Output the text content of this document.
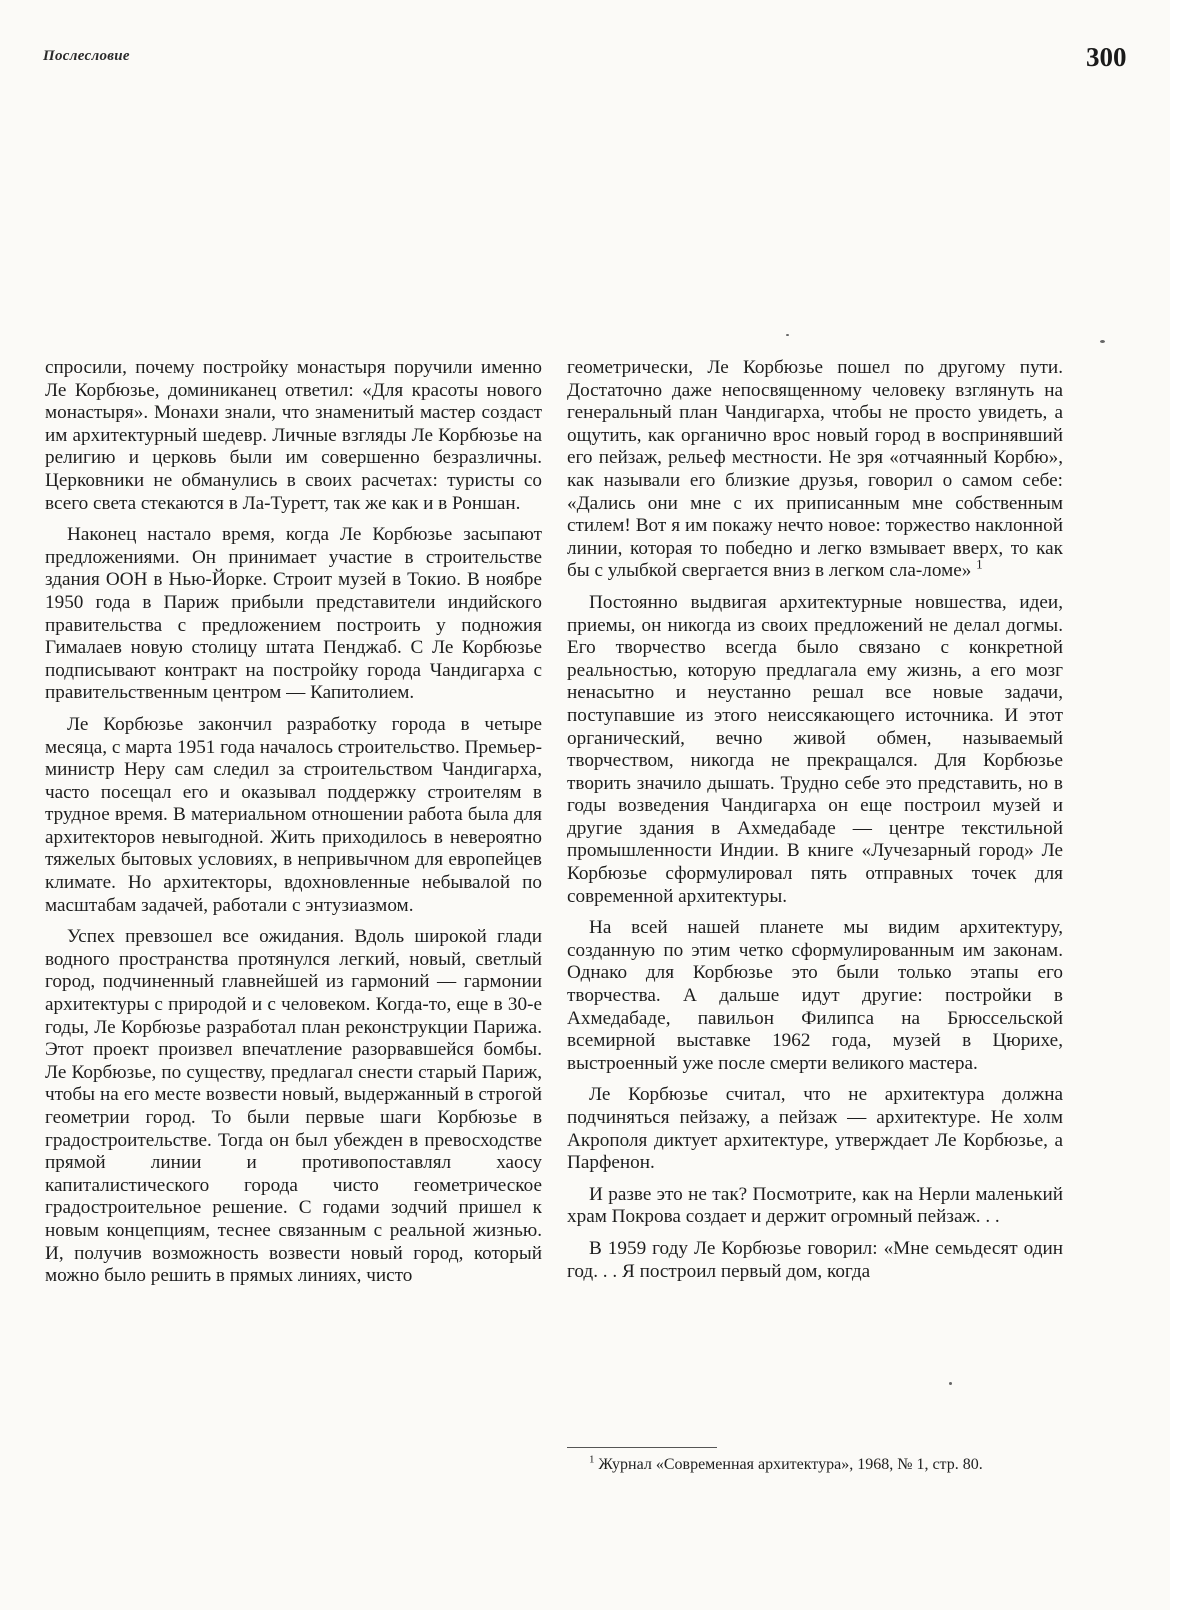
Послесловие	300

спросили, почему постройку монастыря поручили именно Ле Корбюзье, доминиканец ответил: «Для красоты нового монастыря». Монахи знали, что знаменитый мастер создаст им архитектурный шедевр. Личные взгляды Ле Корбюзье на религию и церковь были им совершенно безразличны. Церковники не обманулись в своих расчетах: туристы со всего света стекаются в Ла-Туретт, так же как и в Роншан.

Наконец настало время, когда Ле Корбюзье засыпают предложениями. Он принимает участие в строительстве здания ООН в Нью-Йорке. Строит музей в Токио. В ноябре 1950 года в Париж прибыли представители индийского правительства с предложением построить у подножия Гималаев новую столицу штата Пенджаб. С Ле Корбюзье подписывают контракт на постройку города Чандигарха с правительственным центром — Капитолием.

Ле Корбюзье закончил разработку города в четыре месяца, с марта 1951 года началось строительство. Премьер-министр Неру сам следил за строительством Чандигарха, часто посещал его и оказывал поддержку строителям в трудное время. В материальном отношении работа была для архитекторов невыгодной. Жить приходилось в невероятно тяжелых бытовых условиях, в непривычном для европейцев климате. Но архитекторы, вдохновленные небывалой по масштабам задачей, работали с энтузиазмом.

Успех превзошел все ожидания. Вдоль широкой глади водного пространства протянулся легкий, новый, светлый город, подчиненный главнейшей из гармоний — гармонии архитектуры с природой и с человеком. Когда-то, еще в 30-е годы, Ле Корбюзье разработал план реконструкции Парижа. Этот проект произвел впечатление разорвавшейся бомбы. Ле Корбюзье, по существу, предлагал снести старый Париж, чтобы на его месте возвести новый, выдержанный в строгой геометрии город. То были первые шаги Корбюзье в градостроительстве. Тогда он был убежден в превосходстве прямой линии и противопоставлял хаосу капиталистического города чисто геометрическое градостроительное решение. С годами зодчий пришел к новым концепциям, теснее связанным с реальной жизнью. И, получив возможность возвести новый город, который можно было решить в прямых линиях, чисто

геометрически, Ле Корбюзье пошел по другому пути. Достаточно даже непосвященному человеку взглянуть на генеральный план Чандигарха, чтобы не просто увидеть, а ощутить, как органично врос новый город в воспринявший его пейзаж, рельеф местности. Не зря «отчаянный Корбю», как называли его близкие друзья, говорил о самом себе: «Дались они мне с их приписанным мне собственным стилем! Вот я им покажу нечто новое: торжество наклонной линии, которая то победно и легко взмывает вверх, то как бы с улыбкой свергается вниз в легком сла-ломе» $^1$

Постоянно выдвигая архитектурные новшества, идеи, приемы, он никогда из своих предложений не делал догмы. Его творчество всегда было связано с конкретной реальностью, которую предлагала ему жизнь, а его мозг ненасытно и неустанно решал все новые задачи, поступавшие из этого неиссякающего источника. И этот органический, вечно живой обмен, называемый творчеством, никогда не прекращался. Для Корбюзье творить значило дышать. Трудно себе это представить, но в годы возведения Чандигарха он еще построил музей и другие здания в Ахмедабаде — центре текстильной промышленности Индии. В книге «Лучезарный город» Ле Корбюзье сформулировал пять отправных точек для современной архитектуры.

На всей нашей планете мы видим архитектуру, созданную по этим четко сформулированным им законам. Однако для Корбюзье это были только этапы его творчества. А дальше идут другие: постройки в Ахмедабаде, павильон Филипса на Брюссельской всемирной выставке 1962 года, музей в Цюрихе, выстроенный уже после смерти великого мастера.

Ле Корбюзье считал, что не архитектура должна подчиняться пейзажу, а пейзаж — архитектуре. Не холм Акрополя диктует архитектуре, утверждает Ле Корбюзье, а Парфенон.

И разве это не так? Посмотрите, как на Нерли маленький храм Покрова создает и держит огромный пейзаж. . .

В 1959 году Ле Корбюзье говорил: «Мне семьдесят один год. . . Я построил первый дом, когда

$^1$ Журнал «Современная архитектура», 1968, № 1, стр. 80.
